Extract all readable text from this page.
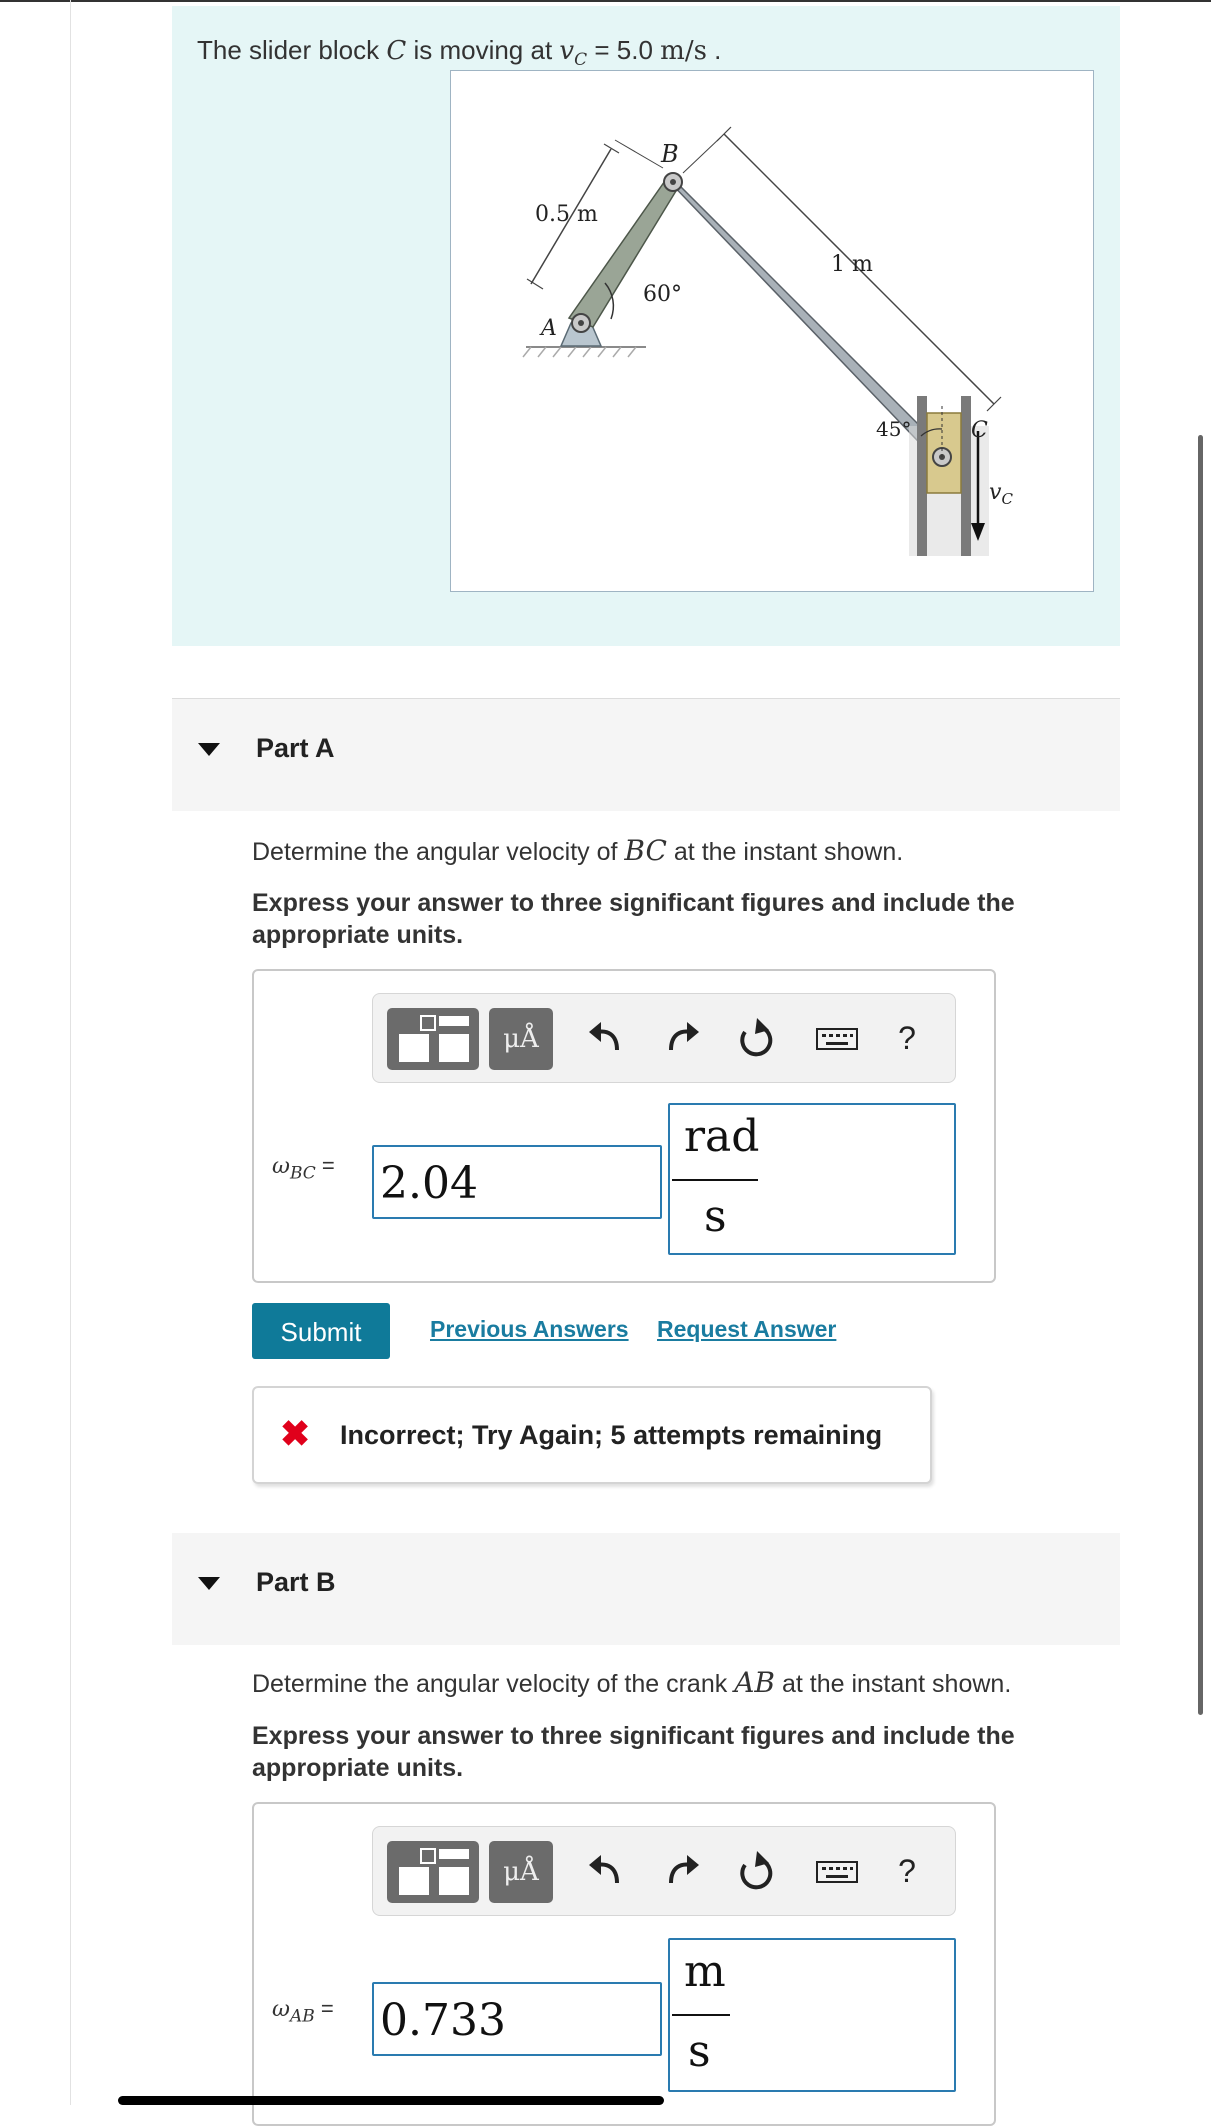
The slider block C is moving at $v_C = 5.0$ m/s .
B
A
C
0.5 m
1 m
60°
45°
$v_C$
Part A
Determine the angular velocity of BC at the instant shown.
Express your answer to three significant figures and include the appropriate units.
μÅ	?
$\omega_{BC} = 2.04$
rad
s
Submit	Previous Answers Request Answer
✖ Incorrect; Try Again; 5 attempts remaining
Part B
Determine the angular velocity of the crank AB at the instant shown.
Express your answer to three significant figures and include the appropriate units.
μÅ	?
$\omega_{AB} = 0.733$
m
s
